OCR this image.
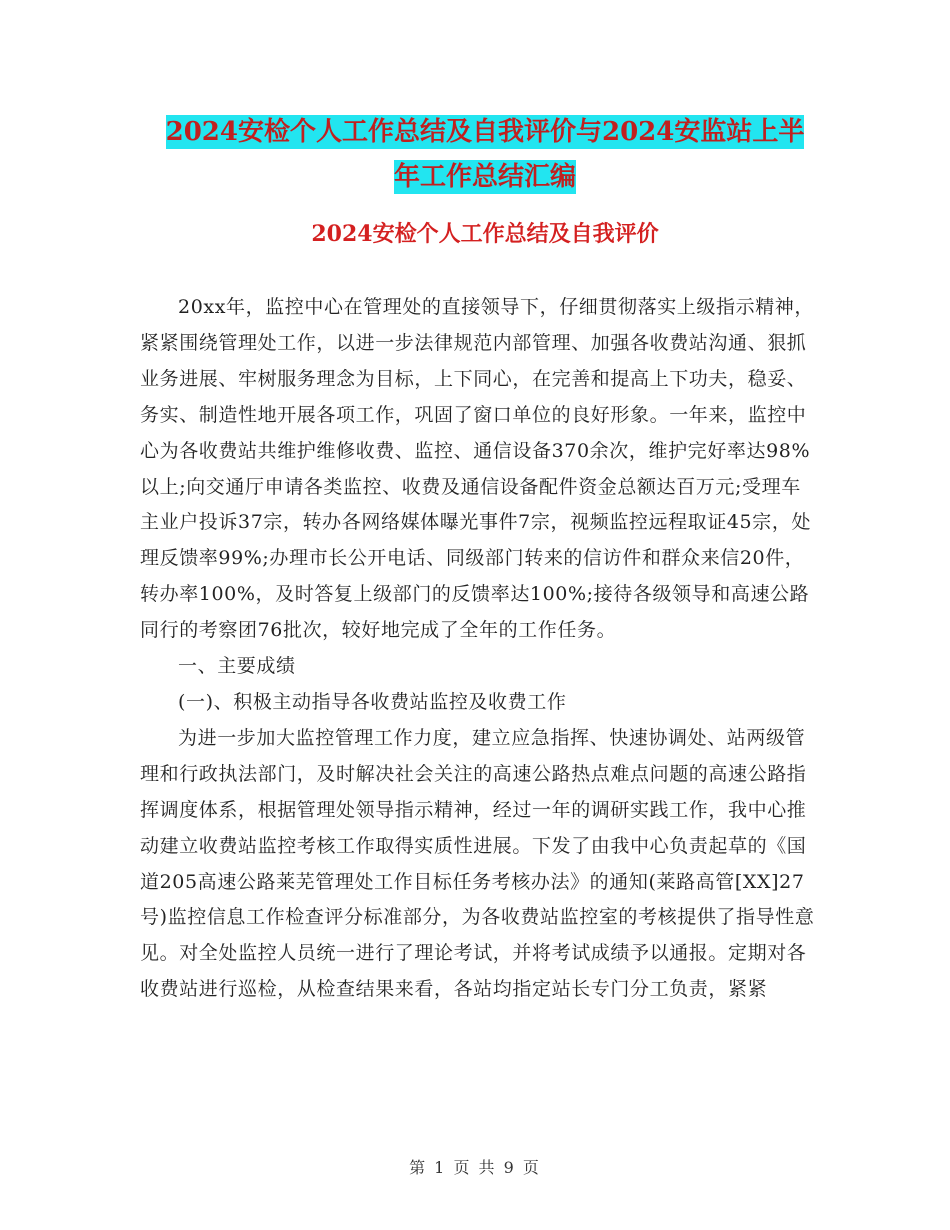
2024安检个人工作总结及自我评价与2024安监站上半
年工作总结汇编
2024安检个人工作总结及自我评价

20xx年，监控中心在管理处的直接领导下，仔细贯彻落实上级指示精神，紧紧围绕管理处工作，以进一步法律规范内部管理、加强各收费站沟通、狠抓业务进展、牢树服务理念为目标，上下同心，在完善和提高上下功夫，稳妥、务实、制造性地开展各项工作，巩固了窗口单位的良好形象。一年来，监控中心为各收费站共维护维修收费、监控、通信设备370余次，维护完好率达98%以上;向交通厅申请各类监控、收费及通信设备配件资金总额达百万元;受理车主业户投诉37宗，转办各网络媒体曝光事件7宗，视频监控远程取证45宗，处理反馈率99%;办理市长公开电话、同级部门转来的信访件和群众来信20件，转办率100%，及时答复上级部门的反馈率达100%;接待各级领导和高速公路同行的考察团76批次，较好地完成了全年的工作任务。

一、主要成绩

(一)、积极主动指导各收费站监控及收费工作

为进一步加大监控管理工作力度，建立应急指挥、快速协调处、站两级管理和行政执法部门，及时解决社会关注的高速公路热点难点问题的高速公路指挥调度体系，根据管理处领导指示精神，经过一年的调研实践工作，我中心推动建立收费站监控考核工作取得实质性进展。下发了由我中心负责起草的《国道205高速公路莱芜管理处工作目标任务考核办法》的通知(莱路高管[XX]27号)监控信息工作检查评分标准部分，为各收费站监控室的考核提供了指导性意见。对全处监控人员统一进行了理论考试，并将考试成绩予以通报。定期对各收费站进行巡检，从检查结果来看，各站均指定站长专门分工负责，紧紧

第 1 页 共 9 页
